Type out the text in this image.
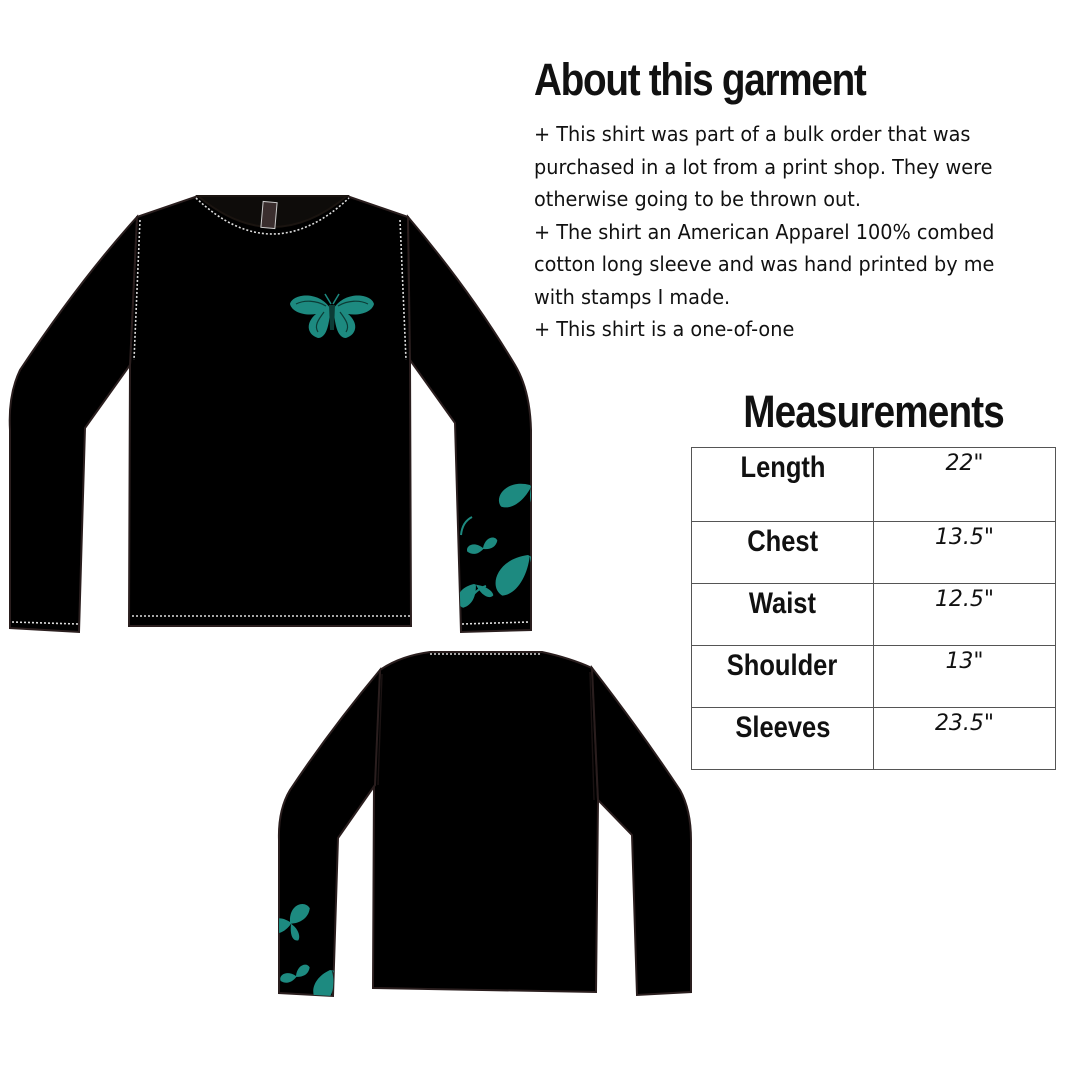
About this garment
+ This shirt was part of a bulk order that was
purchased in a lot from a print shop. They were
otherwise going to be thrown out.
+ The shirt an American Apparel 100% combed
cotton long sleeve and was hand printed by me
with stamps I made.
+ This shirt is a one-of-one
Measurements
Length	22"
Chest	13.5"
Waist	12.5"
Shoulder	13"
Sleeves	23.5"
